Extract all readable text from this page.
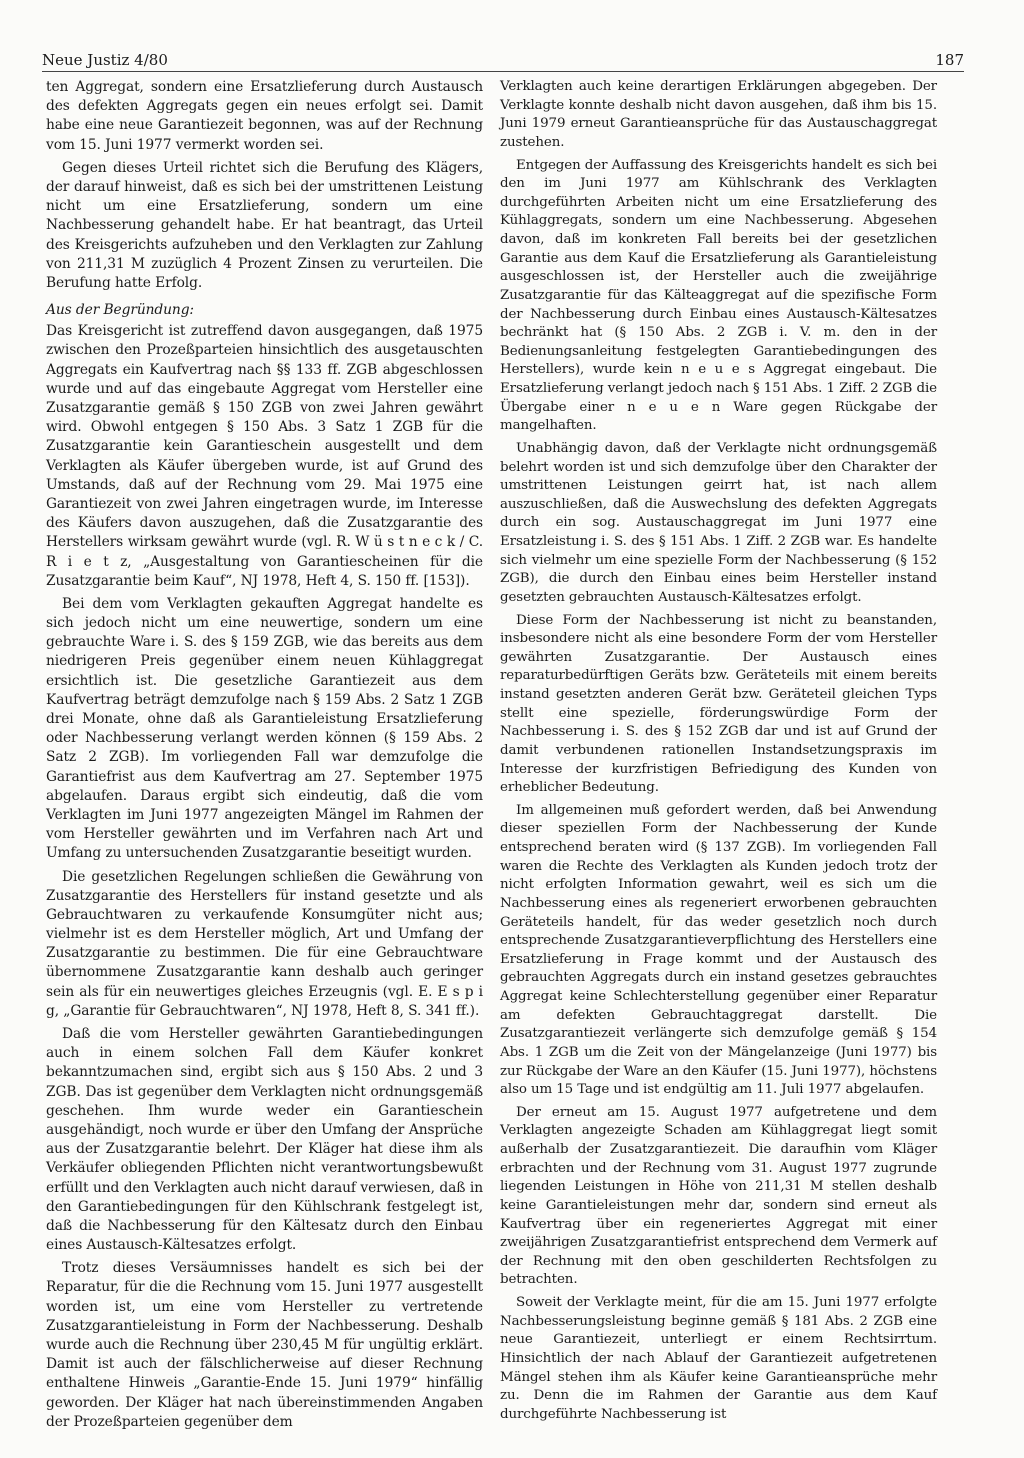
Neue Justiz 4/80	187

ten Aggregat, sondern eine Ersatzlieferung durch Austausch des defekten Aggregats gegen ein neues erfolgt sei. Damit habe eine neue Garantiezeit begonnen, was auf der Rechnung vom 15. Juni 1977 vermerkt worden sei.

Gegen dieses Urteil richtet sich die Berufung des Klägers, der darauf hinweist, daß es sich bei der umstrittenen Leistung nicht um eine Ersatzlieferung, sondern um eine Nachbesserung gehandelt habe. Er hat beantragt, das Urteil des Kreisgerichts aufzuheben und den Verklagten zur Zahlung von 211,31 M zuzüglich 4 Prozent Zinsen zu verurteilen. Die Berufung hatte Erfolg.

Aus der Begründung:

Das Kreisgericht ist zutreffend davon ausgegangen, daß 1975 zwischen den Prozeßparteien hinsichtlich des ausgetauschten Aggregats ein Kaufvertrag nach §§ 133 ff. ZGB abgeschlossen wurde und auf das eingebaute Aggregat vom Hersteller eine Zusatzgarantie gemäß § 150 ZGB von zwei Jahren gewährt wird. Obwohl entgegen § 150 Abs. 3 Satz 1 ZGB für die Zusatzgarantie kein Garantieschein ausgestellt und dem Verklagten als Käufer übergeben wurde, ist auf Grund des Umstands, daß auf der Rechnung vom 29. Mai 1975 eine Garantiezeit von zwei Jahren eingetragen wurde, im Interesse des Käufers davon auszugehen, daß die Zusatzgarantie des Herstellers wirksam gewährt wurde (vgl. R. W ü s t n e c k / C. R i e t z, „Ausgestaltung von Garantiescheinen für die Zusatzgarantie beim Kauf“, NJ 1978, Heft 4, S. 150 ff. [153]).

Bei dem vom Verklagten gekauften Aggregat handelte es sich jedoch nicht um eine neuwertige, sondern um eine gebrauchte Ware i. S. des § 159 ZGB, wie das bereits aus dem niedrigeren Preis gegenüber einem neuen Kühlaggregat ersichtlich ist. Die gesetzliche Garantiezeit aus dem Kaufvertrag beträgt demzufolge nach § 159 Abs. 2 Satz 1 ZGB drei Monate, ohne daß als Garantieleistung Ersatzlieferung oder Nachbesserung verlangt werden können (§ 159 Abs. 2 Satz 2 ZGB). Im vorliegenden Fall war demzufolge die Garantiefrist aus dem Kaufvertrag am 27. September 1975 abgelaufen. Daraus ergibt sich eindeutig, daß die vom Verklagten im Juni 1977 angezeigten Mängel im Rahmen der vom Hersteller gewährten und im Verfahren nach Art und Umfang zu untersuchenden Zusatzgarantie beseitigt wurden.

Die gesetzlichen Regelungen schließen die Gewährung von Zusatzgarantie des Herstellers für instand gesetzte und als Gebrauchtwaren zu verkaufende Konsumgüter nicht aus; vielmehr ist es dem Hersteller möglich, Art und Umfang der Zusatzgarantie zu bestimmen. Die für eine Gebrauchtware übernommene Zusatzgarantie kann deshalb auch geringer sein als für ein neuwertiges gleiches Erzeugnis (vgl. E. E s p i g, „Garantie für Gebrauchtwaren“, NJ 1978, Heft 8, S. 341 ff.).

Daß die vom Hersteller gewährten Garantiebedingungen auch in einem solchen Fall dem Käufer konkret bekanntzumachen sind, ergibt sich aus § 150 Abs. 2 und 3 ZGB. Das ist gegenüber dem Verklagten nicht ordnungsgemäß geschehen. Ihm wurde weder ein Garantieschein ausgehändigt, noch wurde er über den Umfang der Ansprüche aus der Zusatzgarantie belehrt. Der Kläger hat diese ihm als Verkäufer obliegenden Pflichten nicht verantwortungsbewußt erfüllt und den Verklagten auch nicht darauf verwiesen, daß in den Garantiebedingungen für den Kühlschrank festgelegt ist, daß die Nachbesserung für den Kältesatz durch den Einbau eines Austausch-Kältesatzes erfolgt.

Trotz dieses Versäumnisses handelt es sich bei der Reparatur, für die die Rechnung vom 15. Juni 1977 ausgestellt worden ist, um eine vom Hersteller zu vertretende Zusatzgarantieleistung in Form der Nachbesserung. Deshalb wurde auch die Rechnung über 230,45 M für ungültig erklärt. Damit ist auch der fälschlicherweise auf dieser Rechnung enthaltene Hinweis „Garantie-Ende 15. Juni 1979“ hinfällig geworden. Der Kläger hat nach übereinstimmenden Angaben der Prozeßparteien gegenüber dem

Verklagten auch keine derartigen Erklärungen abgegeben. Der Verklagte konnte deshalb nicht davon ausgehen, daß ihm bis 15. Juni 1979 erneut Garantieansprüche für das Austauschaggregat zustehen.

Entgegen der Auffassung des Kreisgerichts handelt es sich bei den im Juni 1977 am Kühlschrank des Verklagten durchgeführten Arbeiten nicht um eine Ersatzlieferung des Kühlaggregats, sondern um eine Nachbesserung. Abgesehen davon, daß im konkreten Fall bereits bei der gesetzlichen Garantie aus dem Kauf die Ersatzlieferung als Garantieleistung ausgeschlossen ist, der Hersteller auch die zweijährige Zusatzgarantie für das Kälteaggregat auf die spezifische Form der Nachbesserung durch Einbau eines Austausch-Kältesatzes bechränkt hat (§ 150 Abs. 2 ZGB i. V. m. den in der Bedienungsanleitung festgelegten Garantiebedingungen des Herstellers), wurde kein n e u e s Aggregat eingebaut. Die Ersatzlieferung verlangt jedoch nach § 151 Abs. 1 Ziff. 2 ZGB die Übergabe einer n e u e n Ware gegen Rückgabe der mangelhaften.

Unabhängig davon, daß der Verklagte nicht ordnungsgemäß belehrt worden ist und sich demzufolge über den Charakter der umstrittenen Leistungen geirrt hat, ist nach allem auszuschließen, daß die Auswechslung des defekten Aggregats durch ein sog. Austauschaggregat im Juni 1977 eine Ersatzleistung i. S. des § 151 Abs. 1 Ziff. 2 ZGB war. Es handelte sich vielmehr um eine spezielle Form der Nachbesserung (§ 152 ZGB), die durch den Einbau eines beim Hersteller instand gesetzten gebrauchten Austausch-Kältesatzes erfolgt.

Diese Form der Nachbesserung ist nicht zu beanstanden, insbesondere nicht als eine besondere Form der vom Hersteller gewährten Zusatzgarantie. Der Austausch eines reparaturbedürftigen Geräts bzw. Geräteteils mit einem bereits instand gesetzten anderen Gerät bzw. Geräteteil gleichen Typs stellt eine spezielle, förderungswürdige Form der Nachbesserung i. S. des § 152 ZGB dar und ist auf Grund der damit verbundenen rationellen Instandsetzungspraxis im Interesse der kurzfristigen Befriedigung des Kunden von erheblicher Bedeutung.

Im allgemeinen muß gefordert werden, daß bei Anwendung dieser speziellen Form der Nachbesserung der Kunde entsprechend beraten wird (§ 137 ZGB). Im vorliegenden Fall waren die Rechte des Verklagten als Kunden jedoch trotz der nicht erfolgten Information gewahrt, weil es sich um die Nachbesserung eines als regeneriert erworbenen gebrauchten Geräteteils handelt, für das weder gesetzlich noch durch entsprechende Zusatzgarantieverpflichtung des Herstellers eine Ersatzlieferung in Frage kommt und der Austausch des gebrauchten Aggregats durch ein instand gesetzes gebrauchtes Aggregat keine Schlechterstellung gegenüber einer Reparatur am defekten Gebrauchtaggregat darstellt. Die Zusatzgarantiezeit verlängerte sich demzufolge gemäß § 154 Abs. 1 ZGB um die Zeit von der Mängelanzeige (Juni 1977) bis zur Rückgabe der Ware an den Käufer (15. Juni 1977), höchstens also um 15 Tage und ist endgültig am 11. Juli 1977 abgelaufen.

Der erneut am 15. August 1977 aufgetretene und dem Verklagten angezeigte Schaden am Kühlaggregat liegt somit außerhalb der Zusatzgarantiezeit. Die daraufhin vom Kläger erbrachten und der Rechnung vom 31. August 1977 zugrunde liegenden Leistungen in Höhe von 211,31 M stellen deshalb keine Garantieleistungen mehr dar, sondern sind erneut als Kaufvertrag über ein regeneriertes Aggregat mit einer zweijährigen Zusatzgarantiefrist entsprechend dem Vermerk auf der Rechnung mit den oben geschilderten Rechtsfolgen zu betrachten.

Soweit der Verklagte meint, für die am 15. Juni 1977 erfolgte Nachbesserungsleistung beginne gemäß § 181 Abs. 2 ZGB eine neue Garantiezeit, unterliegt er einem Rechtsirrtum. Hinsichtlich der nach Ablauf der Garantiezeit aufgetretenen Mängel stehen ihm als Käufer keine Garantieansprüche mehr zu. Denn die im Rahmen der Garantie aus dem Kauf durchgeführte Nachbesserung ist
